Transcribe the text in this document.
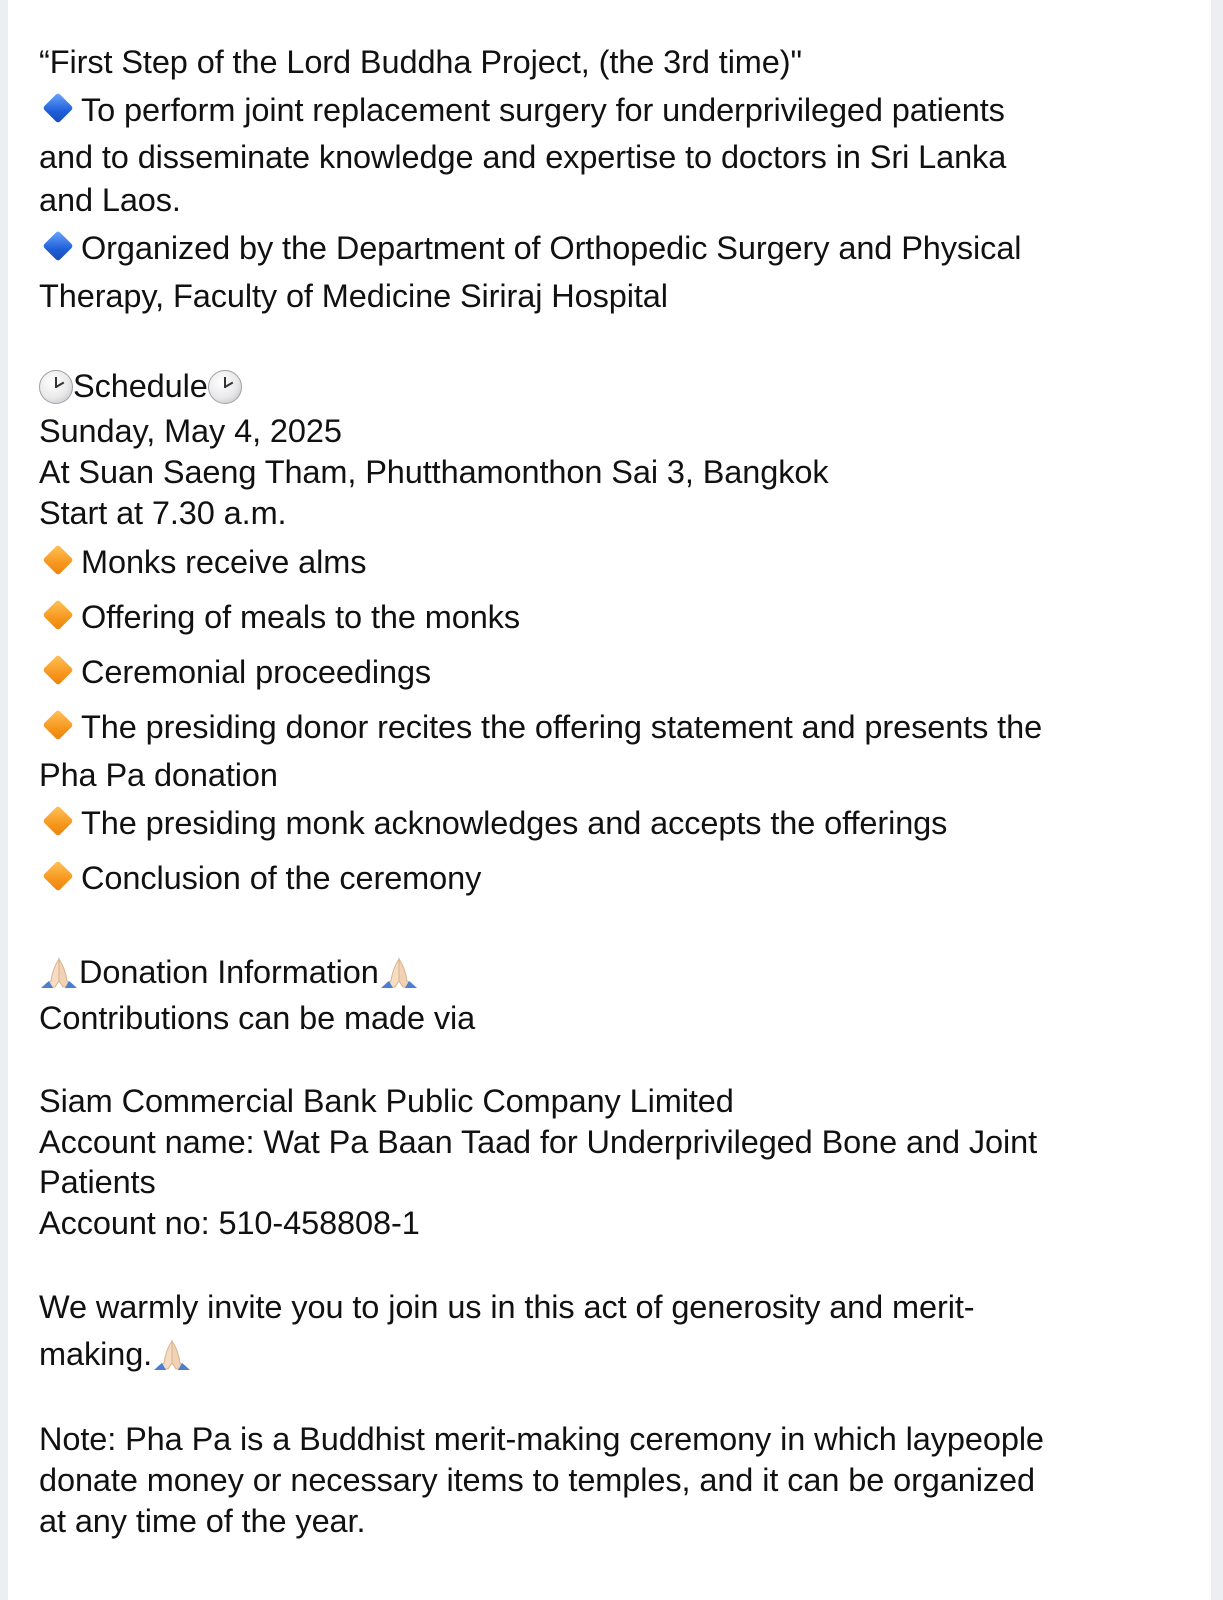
“First Step of the Lord Buddha Project, (the 3rd time)"
To perform joint replacement surgery for underprivileged patients
and to disseminate knowledge and expertise to doctors in Sri Lanka
and Laos.
Organized by the Department of Orthopedic Surgery and Physical
Therapy, Faculty of Medicine Siriraj Hospital
Schedule
Sunday, May 4, 2025
At Suan Saeng Tham, Phutthamonthon Sai 3, Bangkok
Start at 7.30 a.m.
Monks receive alms
Offering of meals to the monks
Ceremonial proceedings
The presiding donor recites the offering statement and presents the
Pha Pa donation
The presiding monk acknowledges and accepts the offerings
Conclusion of the ceremony
Donation Information
Contributions can be made via
Siam Commercial Bank Public Company Limited
Account name: Wat Pa Baan Taad for Underprivileged Bone and Joint
Patients
Account no: 510-458808-1
We warmly invite you to join us in this act of generosity and merit-
making.
Note: Pha Pa is a Buddhist merit-making ceremony in which laypeople
donate money or necessary items to temples, and it can be organized
at any time of the year.
